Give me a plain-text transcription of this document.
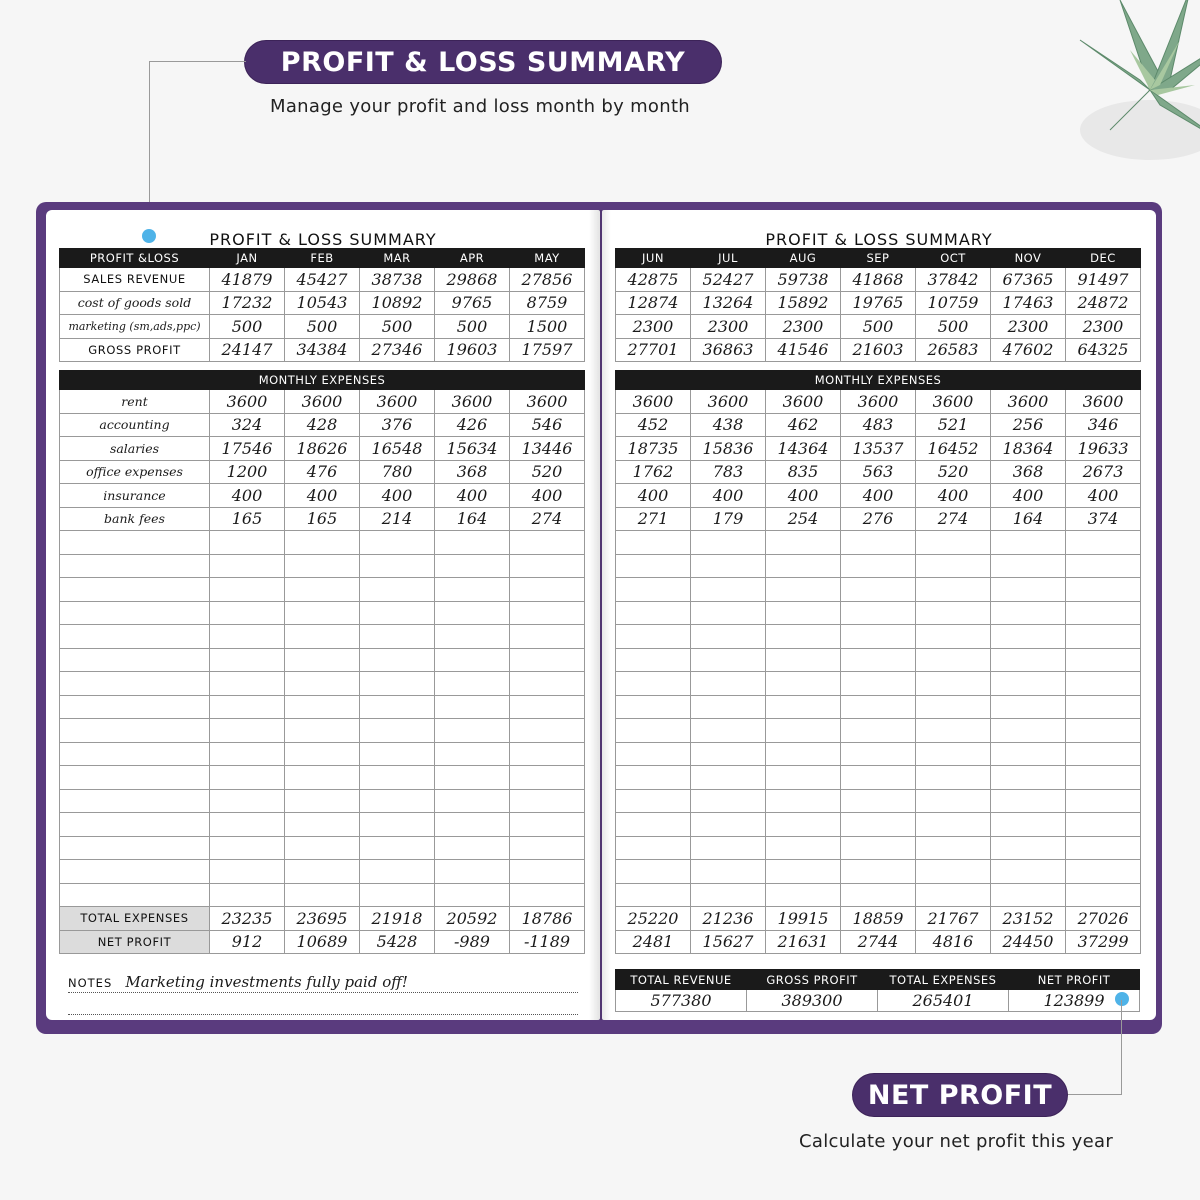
PROFIT & LOSS SUMMARY
Manage your profit and loss month by month
PROFIT & LOSS SUMMARY
PROFIT &LOSS	JAN	FEB	MAR	APR	MAY
SALES REVENUE	41879	45427	38738	29868	27856
cost of goods sold	17232	10543	10892	9765	8759
marketing (sm,ads,ppc)	500	500	500	500	1500
GROSS PROFIT	24147	34384	27346	19603	17597
MONTHLY EXPENSES					
rent	3600	3600	3600	3600	3600
accounting	324	428	376	426	546
salaries	17546	18626	16548	15634	13446
office expenses	1200	476	780	368	520
insurance	400	400	400	400	400
bank fees	165	165	214	164	274

TOTAL EXPENSES	23235	23695	21918	20592	18786
NET PROFIT	912	10689	5428	-989	-1189
NOTES Marketing investments fully paid off!
PROFIT & LOSS SUMMARY
JUN	JUL	AUG	SEP	OCT	NOV	DEC
42875	52427	59738	41868	37842	67365	91497
12874	13264	15892	19765	10759	17463	24872
2300	2300	2300	500	500	2300	2300
27701	36863	41546	21603	26583	47602	64325
MONTHLY EXPENSES						
3600	3600	3600	3600	3600	3600	3600
452	438	462	483	521	256	346
18735	15836	14364	13537	16452	18364	19633
1762	783	835	563	520	368	2673
400	400	400	400	400	400	400
271	179	254	276	274	164	374

25220	21236	19915	18859	21767	23152	27026
2481	15627	21631	2744	4816	24450	37299
TOTAL REVENUE	GROSS PROFIT	TOTAL EXPENSES	NET PROFIT
577380	389300	265401	123899
NET PROFIT
Calculate your net profit this year
